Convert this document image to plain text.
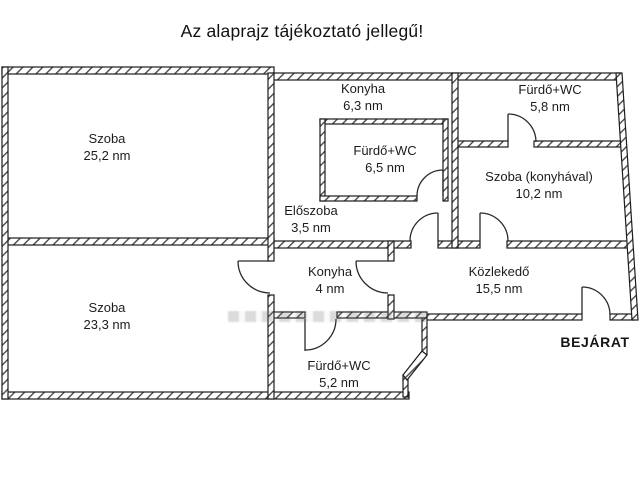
Az alaprajz tájékoztató jellegű!
Szoba
25,2 nm
Konyha
6,3 nm
Fürdő+WC
5,8 nm
Fürdő+WC
6,5 nm
Szoba (konyhával)
10,2 nm
Előszoba
3,5 nm
Szoba
23,3 nm
Konyha
4 nm
Közlekedő
15,5 nm
Fürdő+WC
5,2 nm
BEJÁRAT
